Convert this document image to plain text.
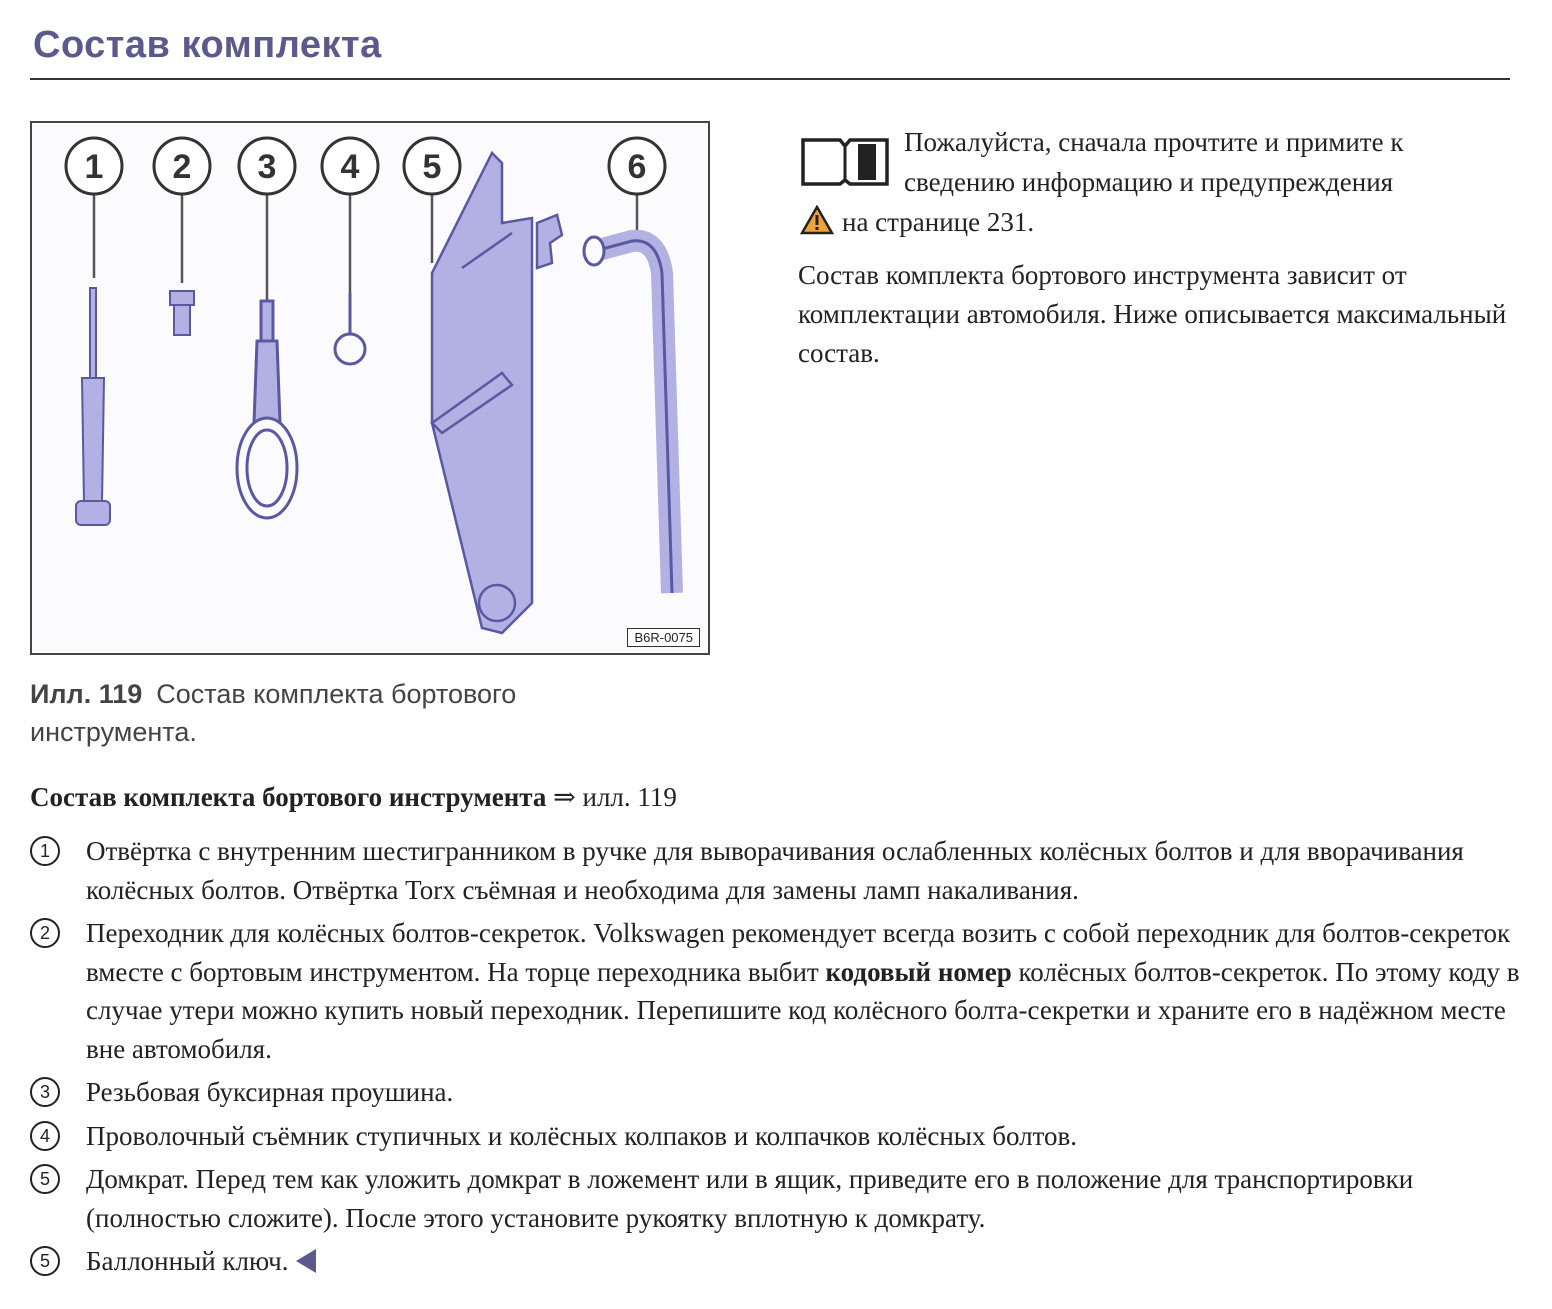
Состав комплекта
1 2 3 4 5	6
B6R-0075
Илл. 119 Состав комплекта бортового инструмента.
Пожалуйста, сначала прочтите и примите к сведению информацию и предупреждения
на странице 231.
Состав комплекта бортового инструмента зависит от комплектации автомобиля. Ниже описывается максимальный состав.
Состав комплекта бортового инструмента ⇒ илл. 119
1	Отвёртка с внутренним шестигранником в ручке для выворачивания ослабленных колёсных болтов и для вворачивания колёсных болтов. Отвёртка Torx съёмная и необходима для замены ламп накаливания.
2	Переходник для колёсных болтов-секреток. Volkswagen рекомендует всегда возить с собой переходник для болтов-секреток вместе с бортовым инструментом. На торце переходника выбит кодовый номер колёсных болтов-секреток. По этому коду в случае утери можно купить новый переходник. Перепишите код колёсного болта-секретки и храните его в надёжном месте вне автомобиля.
3	Резьбовая буксирная проушина.
4	Проволочный съёмник ступичных и колёсных колпаков и колпачков колёсных болтов.
5	Домкрат. Перед тем как уложить домкрат в ложемент или в ящик, приведите его в положение для транспортировки (полностью сложите). После этого установите рукоятку вплотную к домкрату.
5	Баллонный ключ.
